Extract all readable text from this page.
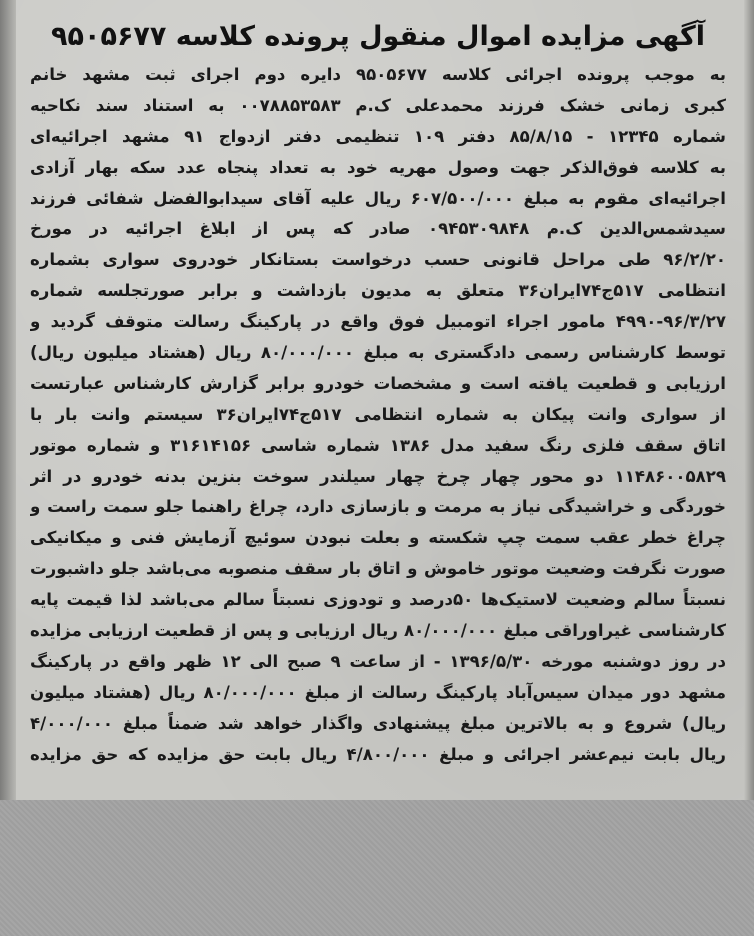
آگهی مزایده اموال منقول پرونده کلاسه ۹۵۰۵۶۷۷
به موجب پرونده اجرائی کلاسه ۹۵۰۵۶۷۷ دایره دوم اجرای ثبت مشهد خانم
کبری زمانی خشک فرزند محمدعلی ک.م ۰۰۷۸۸۵۳۵۸۳ به استناد سند نکاحیه
شماره ۱۲۳۴۵ - ۸۵/۸/۱۵ دفتر ۱۰۹ تنظیمی دفتر ازدواج ۹۱ مشهد اجرائیه‌ای
به کلاسه فوق‌الذکر جهت وصول مهریه خود به تعداد پنجاه عدد سکه بهار آزادی
اجرائیه‌ای مقوم به مبلغ ۶۰۷/۵۰۰/۰۰۰ ریال علیه آقای سیدابوالفضل شفائی فرزند
سیدشمس‌الدین ک.م ۰۹۴۵۳۰۹۸۴۸ صادر که پس از ابلاغ اجرائیه در مورخ
۹۶/۲/۲۰ طی مراحل قانونی حسب درخواست بستانکار خودروی سواری بشماره
انتظامی ۵۱۷ج۷۴ایران۳۶ متعلق به مدیون بازداشت و برابر صورتجلسه شماره
۴۹۹۰-۹۶/۳/۲۷ مامور اجراء اتومبیل فوق واقع در پارکینگ رسالت متوقف گردید و
توسط کارشناس رسمی دادگستری به مبلغ ۸۰/۰۰۰/۰۰۰ ریال (هشتاد میلیون ریال)
ارزیابی و قطعیت یافته است و مشخصات خودرو برابر گزارش کارشناس عبارتست
از سواری وانت پیکان به شماره انتظامی ۵۱۷ج۷۴ایران۳۶ سیستم وانت بار با
اتاق سقف فلزی رنگ سفید مدل ۱۳۸۶ شماره شاسی ۳۱۶۱۴۱۵۶ و شماره موتور
۱۱۴۸۶۰۰۵۸۲۹ دو محور چهار چرخ چهار سیلندر سوخت بنزین بدنه خودرو در اثر
خوردگی و خراشیدگی نیاز به مرمت و بازسازی دارد، چراغ راهنما جلو سمت راست و
چراغ خطر عقب سمت چپ شکسته و بعلت نبودن سوئیچ آزمایش فنی و میکانیکی
صورت نگرفت وضعیت موتور خاموش و اتاق بار سقف منصوبه می‌باشد جلو داشبورت
نسبتاً سالم وضعیت لاستیک‌ها ۵۰درصد و تودوزی نسبتاً سالم می‌باشد لذا قیمت پایه
کارشناسی غیراوراقی مبلغ ۸۰/۰۰۰/۰۰۰ ریال ارزیابی و پس از قطعیت ارزیابی مزایده
در روز دوشنبه مورخه ۱۳۹۶/۵/۳۰ - از ساعت ۹ صبح الی ۱۲ ظهر واقع در پارکینگ
مشهد دور میدان سیس‌آباد پارکینگ رسالت از مبلغ ۸۰/۰۰۰/۰۰۰ ریال (هشتاد میلیون
ریال) شروع و به بالاترین مبلغ پیشنهادی واگذار خواهد شد ضمناً مبلغ ۴/۰۰۰/۰۰۰
ریال بابت نیم‌عشر اجرائی و مبلغ ۴/۸۰۰/۰۰۰ ریال بابت حق مزایده که حق مزایده
